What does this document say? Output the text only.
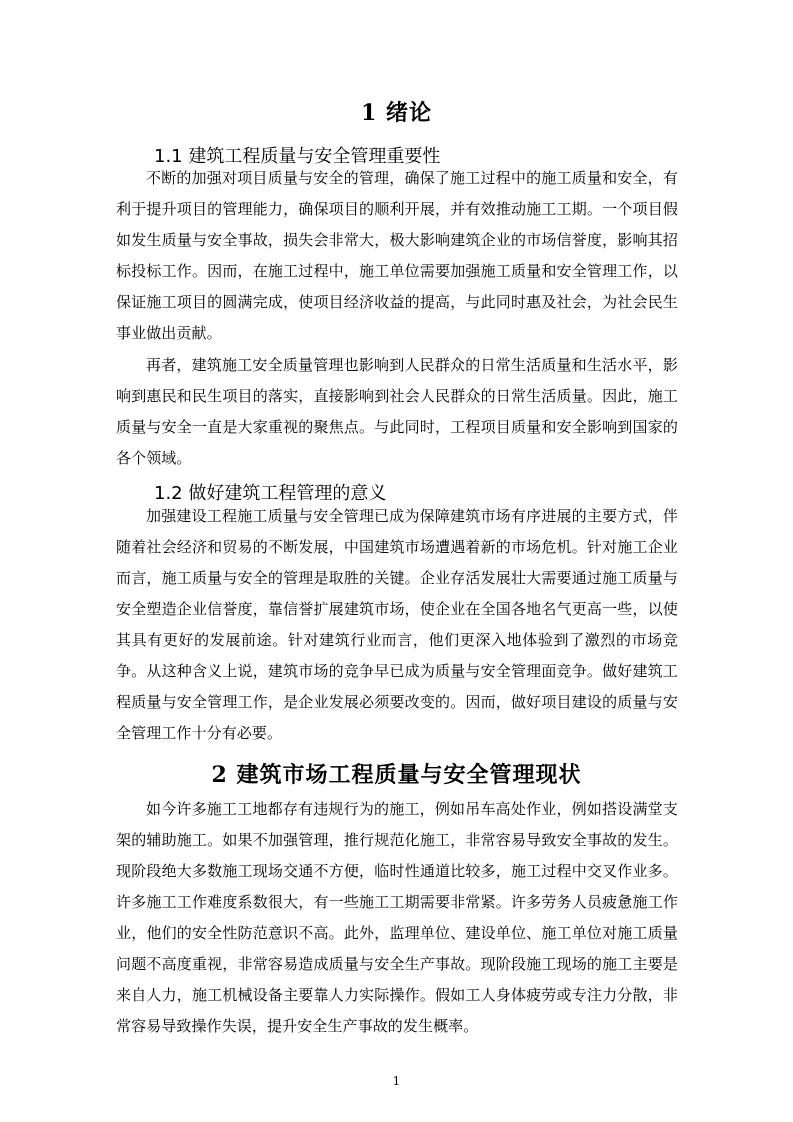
1 绪论
1.1 建筑工程质量与安全管理重要性

不断的加强对项目质量与安全的管理，确保了施工过程中的施工质量和安全，有利于提升项目的管理能力，确保项目的顺利开展，并有效推动施工工期。一个项目假如发生质量与安全事故，损失会非常大，极大影响建筑企业的市场信誉度，影响其招标投标工作。因而，在施工过程中，施工单位需要加强施工质量和安全管理工作，以保证施工项目的圆满完成，使项目经济收益的提高，与此同时惠及社会，为社会民生事业做出贡献。

再者，建筑施工安全质量管理也影响到人民群众的日常生活质量和生活水平，影响到惠民和民生项目的落实，直接影响到社会人民群众的日常生活质量。因此，施工质量与安全一直是大家重视的聚焦点。与此同时，工程项目质量和安全影响到国家的各个领域。

1.2 做好建筑工程管理的意义

加强建设工程施工质量与安全管理已成为保障建筑市场有序进展的主要方式，伴随着社会经济和贸易的不断发展，中国建筑市场遭遇着新的市场危机。针对施工企业而言，施工质量与安全的管理是取胜的关键。企业存活发展壮大需要通过施工质量与安全塑造企业信誉度，靠信誉扩展建筑市场，使企业在全国各地名气更高一些，以使其具有更好的发展前途。针对建筑行业而言，他们更深入地体验到了激烈的市场竞争。从这种含义上说，建筑市场的竞争早已成为质量与安全管理面竞争。做好建筑工程质量与安全管理工作，是企业发展必须要改变的。因而，做好项目建设的质量与安全管理工作十分有必要。

2 建筑市场工程质量与安全管理现状

如今许多施工工地都存有违规行为的施工，例如吊车高处作业，例如搭设满堂支架的辅助施工。如果不加强管理，推行规范化施工，非常容易导致安全事故的发生。现阶段绝大多数施工现场交通不方便，临时性通道比较多，施工过程中交叉作业多。许多施工工作难度系数很大，有一些施工工期需要非常紧。许多劳务人员疲惫施工作业，他们的安全性防范意识不高。此外，监理单位、建设单位、施工单位对施工质量问题不高度重视，非常容易造成质量与安全生产事故。现阶段施工现场的施工主要是来自人力，施工机械设备主要靠人力实际操作。假如工人身体疲劳或专注力分散，非常容易导致操作失误，提升安全生产事故的发生概率。

1
